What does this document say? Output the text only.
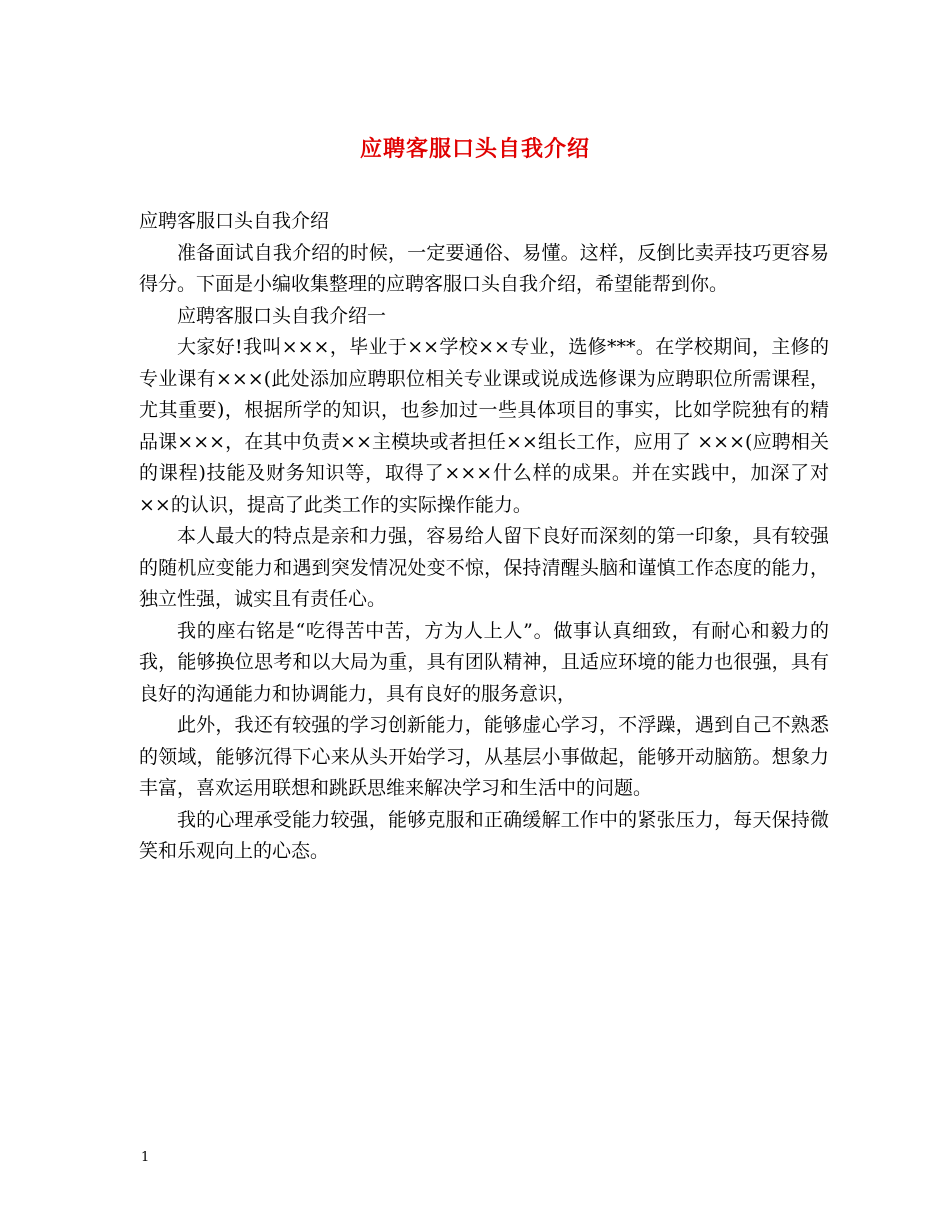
应聘客服口头自我介绍

应聘客服口头自我介绍

准备面试自我介绍的时候，一定要通俗、易懂。这样，反倒比卖弄技巧更容易得分。下面是小编收集整理的应聘客服口头自我介绍，希望能帮到你。

应聘客服口头自我介绍一

大家好!我叫×××，毕业于××学校××专业，选修***。在学校期间，主修的专业课有×××(此处添加应聘职位相关专业课或说成选修课为应聘职位所需课程，尤其重要)，根据所学的知识，也参加过一些具体项目的事实，比如学院独有的精品课×××，在其中负责××主模块或者担任××组长工作，应用了 ×××(应聘相关的课程)技能及财务知识等，取得了×××什么样的成果。并在实践中，加深了对××的认识，提高了此类工作的实际操作能力。

本人最大的特点是亲和力强，容易给人留下良好而深刻的第一印象，具有较强的随机应变能力和遇到突发情况处变不惊，保持清醒头脑和谨慎工作态度的能力，独立性强，诚实且有责任心。

我的座右铭是“吃得苦中苦，方为人上人”。做事认真细致，有耐心和毅力的我，能够换位思考和以大局为重，具有团队精神，且适应环境的能力也很强，具有良好的沟通能力和协调能力，具有良好的服务意识，

此外，我还有较强的学习创新能力，能够虚心学习，不浮躁，遇到自己不熟悉的领域，能够沉得下心来从头开始学习，从基层小事做起，能够开动脑筋。想象力丰富，喜欢运用联想和跳跃思维来解决学习和生活中的问题。

我的心理承受能力较强，能够克服和正确缓解工作中的紧张压力，每天保持微笑和乐观向上的心态。

1
